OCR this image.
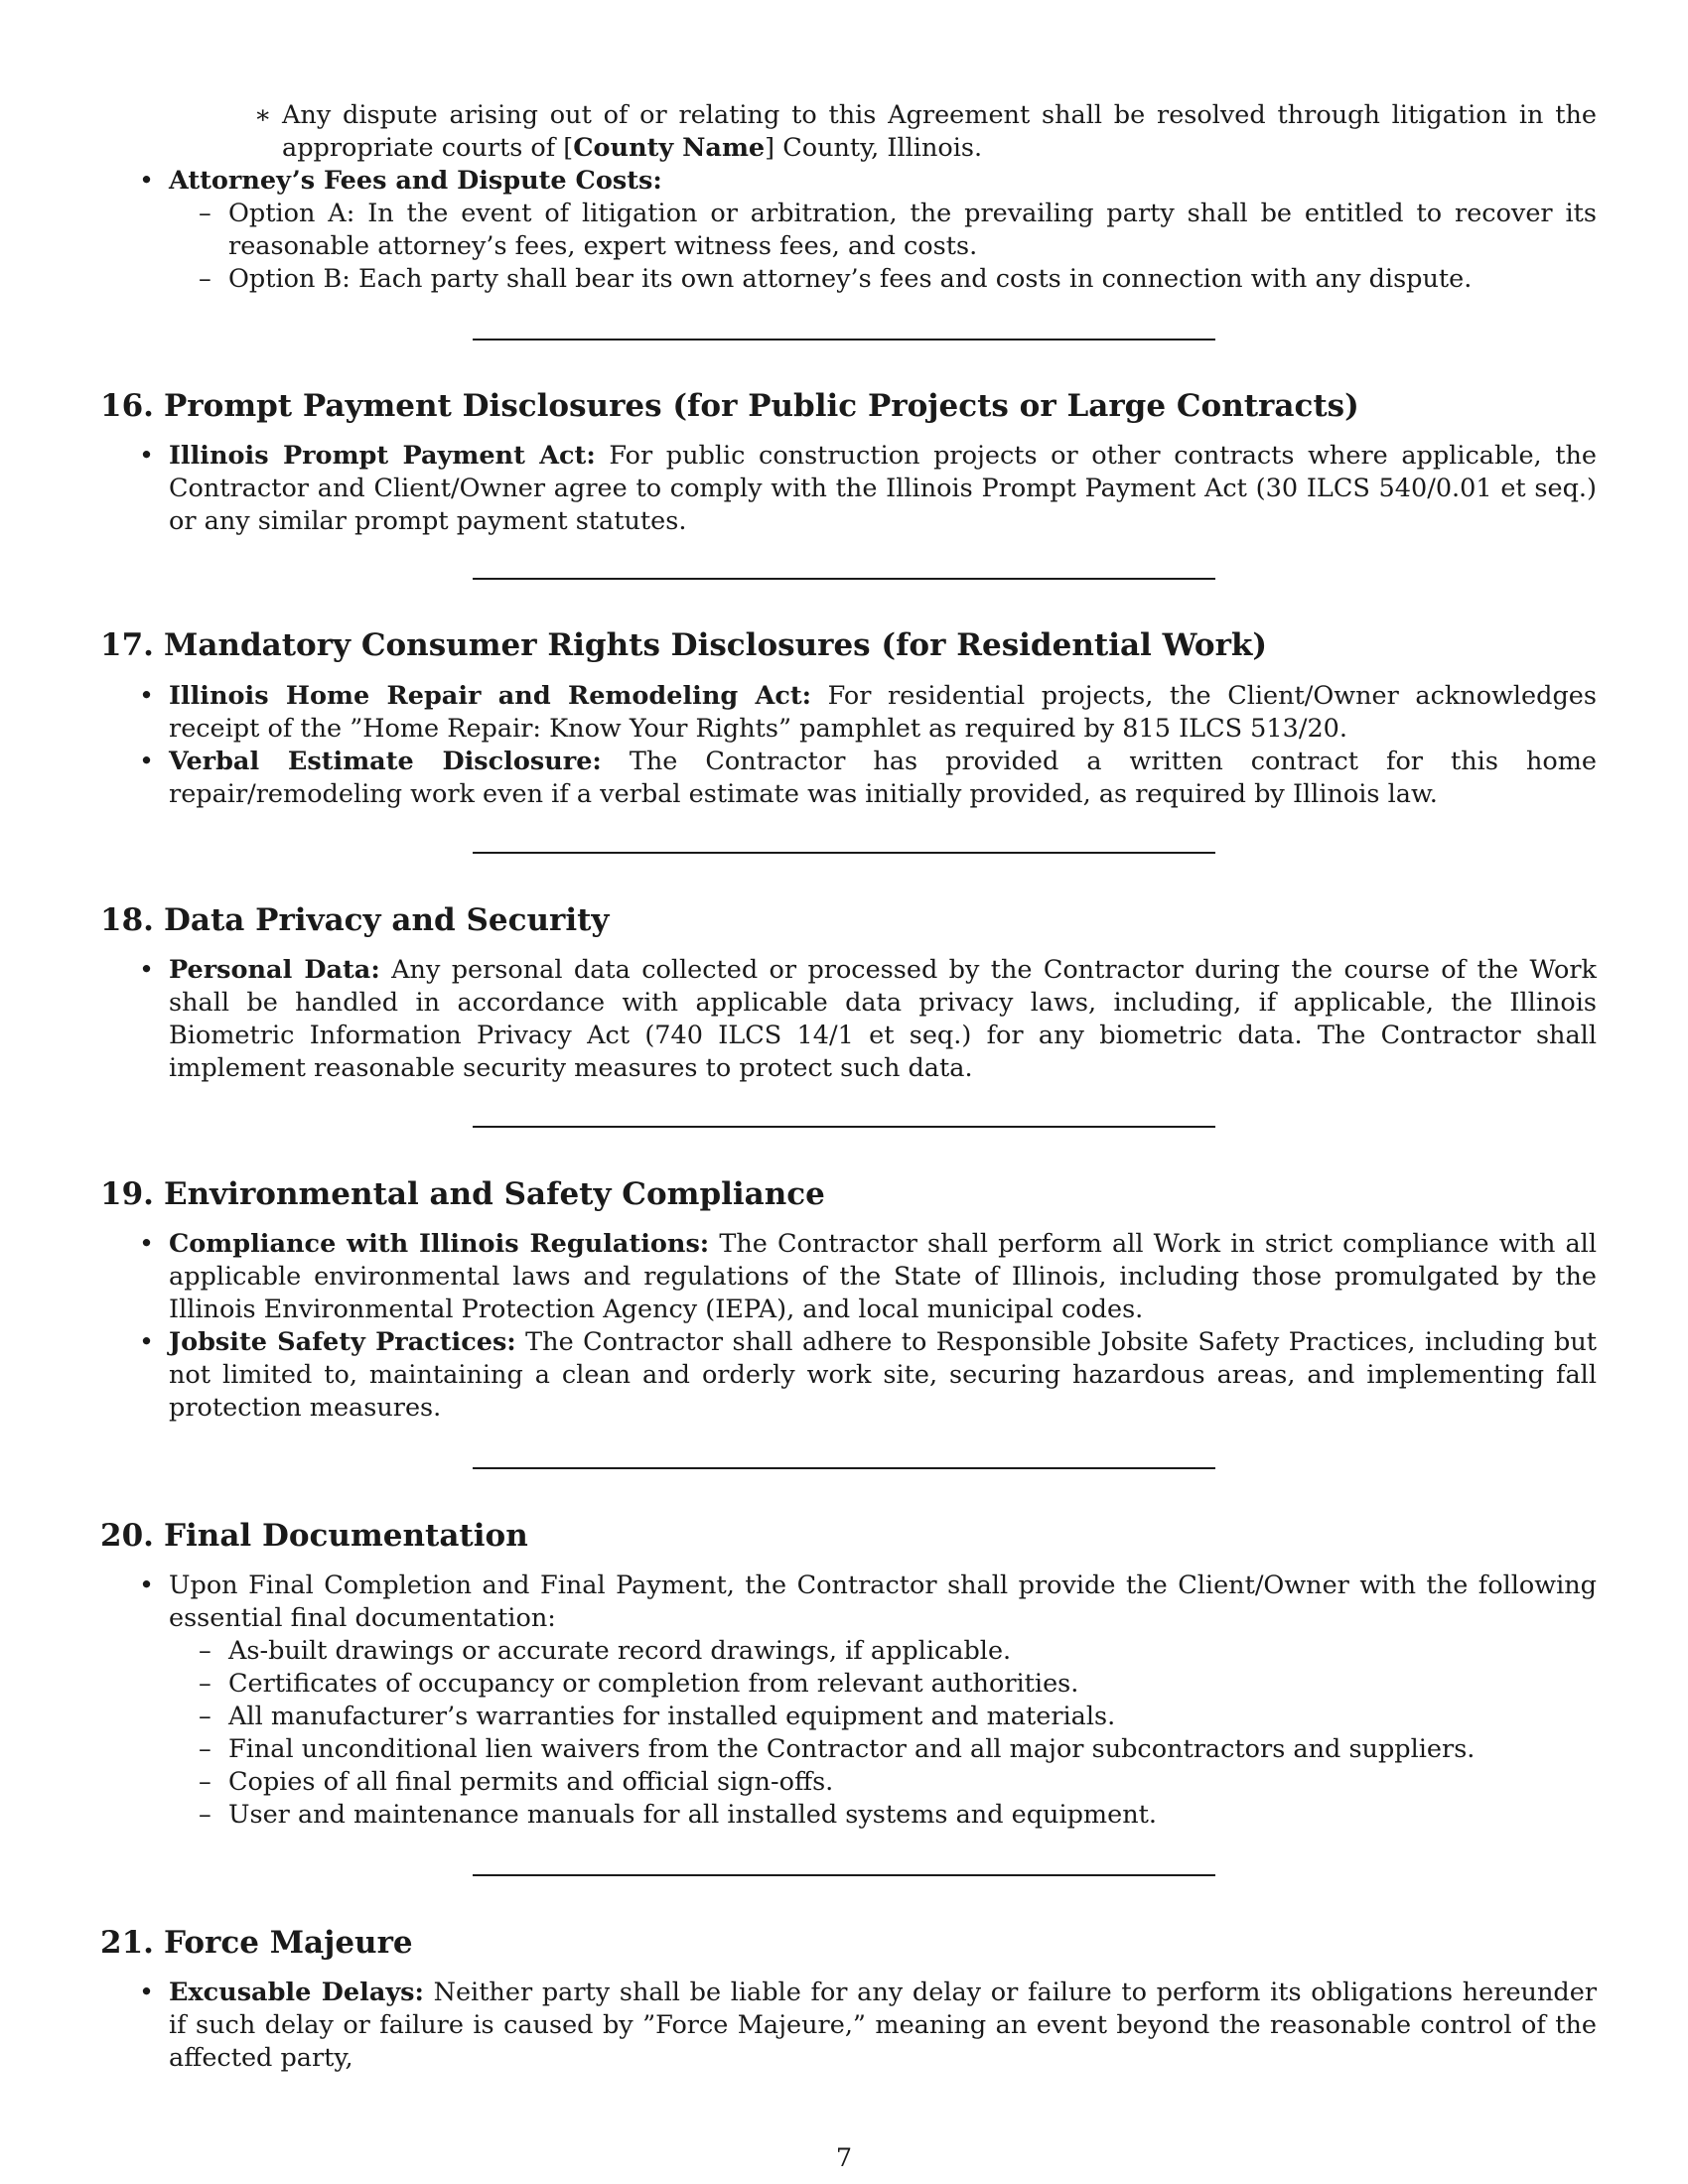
∗ Any dispute arising out of or relating to this Agreement shall be resolved through litigation in the appropriate courts of [County Name] County, Illinois.
• Attorney’s Fees and Dispute Costs:
– Option A: In the event of litigation or arbitration, the prevailing party shall be entitled to recover its reasonable attorney’s fees, expert witness fees, and costs.
– Option B: Each party shall bear its own attorney’s fees and costs in connection with any dispute.
16. Prompt Payment Disclosures (for Public Projects or Large Contracts)
• Illinois Prompt Payment Act: For public construction projects or other contracts where applicable, the Contractor and Client/Owner agree to comply with the Illinois Prompt Payment Act (30 ILCS 540/0.01 et seq.) or any similar prompt payment statutes.
17. Mandatory Consumer Rights Disclosures (for Residential Work)
• Illinois Home Repair and Remodeling Act: For residential projects, the Client/Owner acknowledges receipt of the ”Home Repair: Know Your Rights” pamphlet as required by 815 ILCS 513/20.
• Verbal Estimate Disclosure: The Contractor has provided a written contract for this home repair/remodeling work even if a verbal estimate was initially provided, as required by Illinois law.
18. Data Privacy and Security
• Personal Data: Any personal data collected or processed by the Contractor during the course of the Work shall be handled in accordance with applicable data privacy laws, including, if applicable, the Illinois Biometric Information Privacy Act (740 ILCS 14/1 et seq.) for any biometric data. The Contractor shall implement reasonable security measures to protect such data.
19. Environmental and Safety Compliance
• Compliance with Illinois Regulations: The Contractor shall perform all Work in strict compliance with all applicable environmental laws and regulations of the State of Illinois, including those promulgated by the Illinois Environmental Protection Agency (IEPA), and local municipal codes.
• Jobsite Safety Practices: The Contractor shall adhere to Responsible Jobsite Safety Practices, including but not limited to, maintaining a clean and orderly work site, securing hazardous areas, and implementing fall protection measures.
20. Final Documentation
• Upon Final Completion and Final Payment, the Contractor shall provide the Client/Owner with the following essential final documentation:
– As-built drawings or accurate record drawings, if applicable.
– Certificates of occupancy or completion from relevant authorities.
– All manufacturer’s warranties for installed equipment and materials.
– Final unconditional lien waivers from the Contractor and all major subcontractors and suppliers.
– Copies of all final permits and official sign-offs.
– User and maintenance manuals for all installed systems and equipment.
21. Force Majeure
• Excusable Delays: Neither party shall be liable for any delay or failure to perform its obligations hereunder if such delay or failure is caused by ”Force Majeure,” meaning an event beyond the reasonable control of the affected party,
7
